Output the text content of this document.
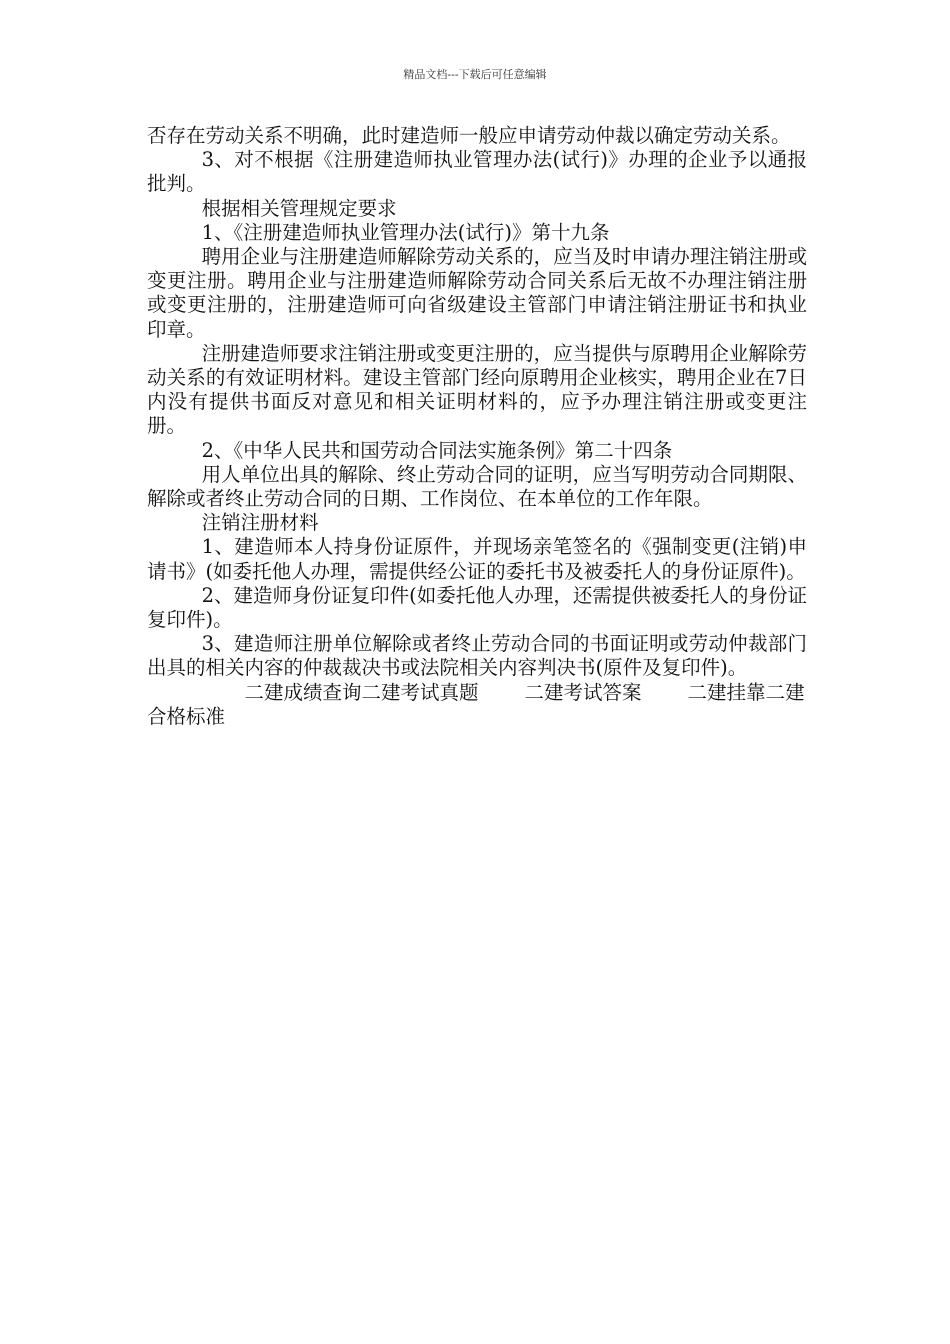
精品文档---下载后可任意编辑

否存在劳动关系不明确，此时建造师一般应申请劳动仲裁以确定劳动关系。

3、对不根据《注册建造师执业管理办法(试行)》办理的企业予以通报批判。

根据相关管理规定要求

1、《注册建造师执业管理办法(试行)》第十九条

聘用企业与注册建造师解除劳动关系的，应当及时申请办理注销注册或变更注册。聘用企业与注册建造师解除劳动合同关系后无故不办理注销注册或变更注册的，注册建造师可向省级建设主管部门申请注销注册证书和执业印章。

注册建造师要求注销注册或变更注册的，应当提供与原聘用企业解除劳动关系的有效证明材料。建设主管部门经向原聘用企业核实，聘用企业在7日内没有提供书面反对意见和相关证明材料的，应予办理注销注册或变更注册。

2、《中华人民共和国劳动合同法实施条例》第二十四条

用人单位出具的解除、终止劳动合同的证明，应当写明劳动合同期限、解除或者终止劳动合同的日期、工作岗位、在本单位的工作年限。

注销注册材料

1、建造师本人持身份证原件，并现场亲笔签名的《强制变更(注销)申请书》(如委托他人办理，需提供经公证的委托书及被委托人的身份证原件)。

2、建造师身份证复印件(如委托他人办理，还需提供被委托人的身份证复印件)。

3、建造师注册单位解除或者终止劳动合同的书面证明或劳动仲裁部门出具的相关内容的仲裁裁决书或法院相关内容判决书(原件及复印件)。

二建成绩查询二建考试真题 二建考试答案 二建挂靠二建合格标准
